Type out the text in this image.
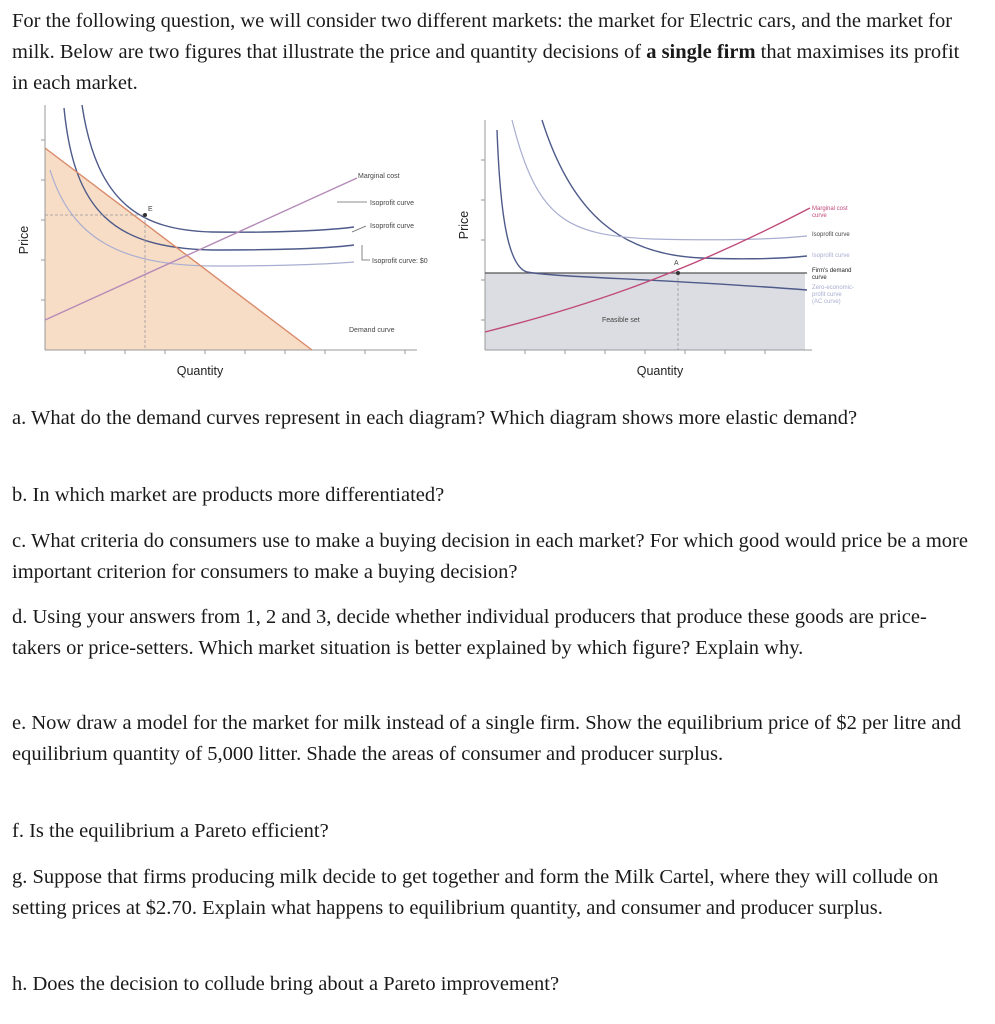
For the following question, we will consider two different markets: the market for Electric cars, and the market for milk. Below are two figures that illustrate the price and quantity decisions of a single firm that maximises its profit in each market.

E
Marginal cost
Isoprofit curve
Isoprofit curve
Isoprofit curve: $0
Demand curve
Price
Quantity
A
Feasible set
Marginal cost
curve
Isoprofit curve
Isoprofit curve
Firm's demand
curve
Zero-economic-
profit curve
(AC curve)
Price
Quantity

a. What do the demand curves represent in each diagram? Which diagram shows more elastic demand?

b. In which market are products more differentiated?

c. What criteria do consumers use to make a buying decision in each market? For which good would price be a more important criterion for consumers to make a buying decision?

d. Using your answers from 1, 2 and 3, decide whether individual producers that produce these goods are price-takers or price-setters. Which market situation is better explained by which figure? Explain why.

e. Now draw a model for the market for milk instead of a single firm. Show the equilibrium price of $2 per litre and equilibrium quantity of 5,000 litter. Shade the areas of consumer and producer surplus.

f. Is the equilibrium a Pareto efficient?

g. Suppose that firms producing milk decide to get together and form the Milk Cartel, where they will collude on setting prices at $2.70. Explain what happens to equilibrium quantity, and consumer and producer surplus.

h. Does the decision to collude bring about a Pareto improvement?
